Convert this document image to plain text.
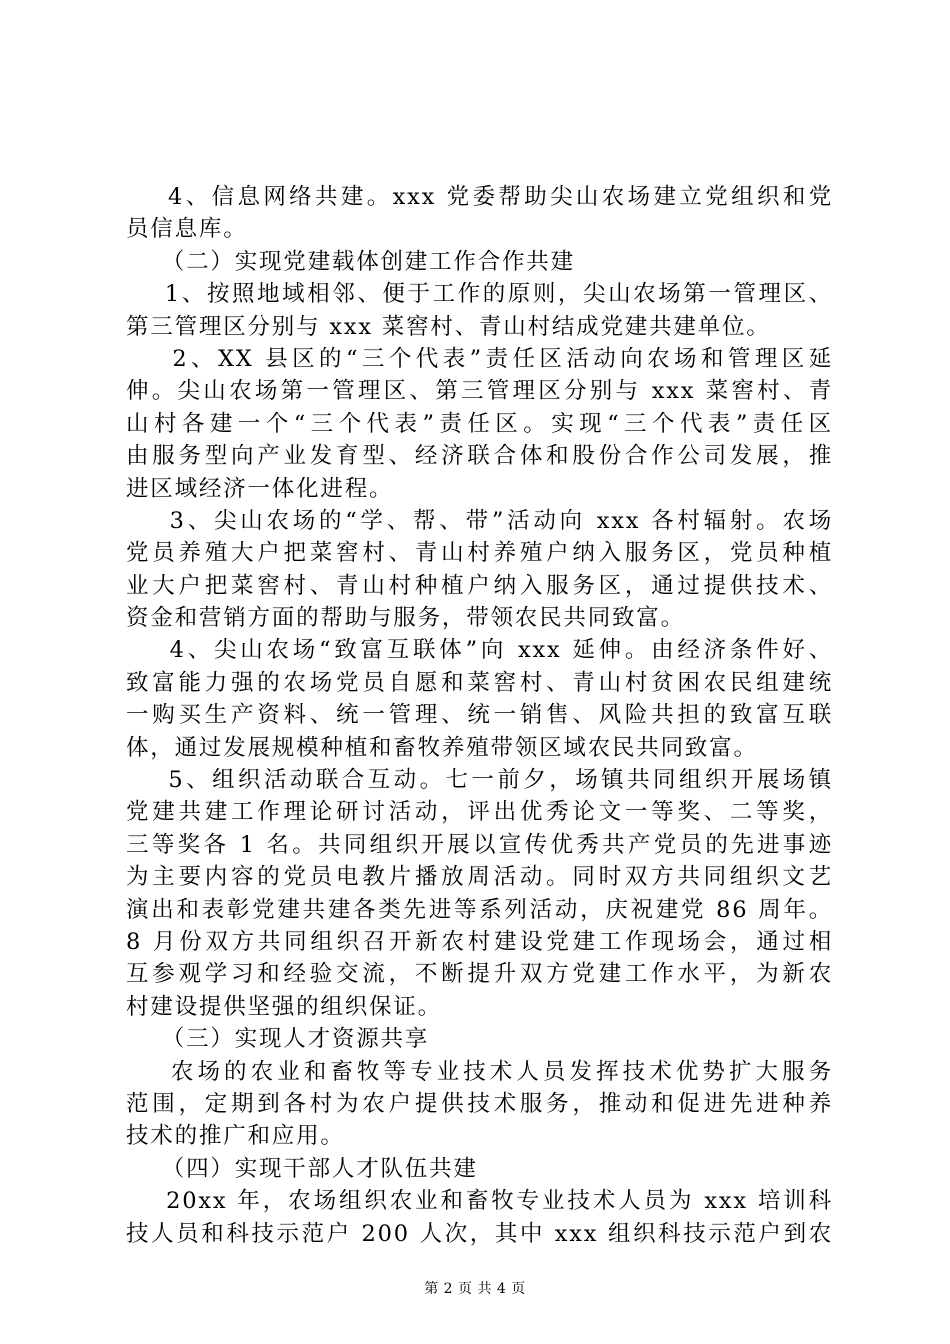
4、信息网络共建。xxx 党委帮助尖山农场建立党组织和党
员信息库。
（二）实现党建载体创建工作合作共建
1、按照地域相邻、便于工作的原则，尖山农场第一管理区、
第三管理区分别与 xxx 菜窖村、青山村结成党建共建单位。
2、XX 县区的“三个代表”责任区活动向农场和管理区延
伸。尖山农场第一管理区、第三管理区分别与 xxx 菜窖村、青
山村各建一个“三个代表”责任区。实现“三个代表”责任区
由服务型向产业发育型、经济联合体和股份合作公司发展，推
进区域经济一体化进程。
3、尖山农场的“学、帮、带”活动向 xxx 各村辐射。农场
党员养殖大户把菜窖村、青山村养殖户纳入服务区，党员种植
业大户把菜窖村、青山村种植户纳入服务区，通过提供技术、
资金和营销方面的帮助与服务，带领农民共同致富。
4、尖山农场“致富互联体”向 xxx 延伸。由经济条件好、
致富能力强的农场党员自愿和菜窖村、青山村贫困农民组建统
一购买生产资料、统一管理、统一销售、风险共担的致富互联
体，通过发展规模种植和畜牧养殖带领区域农民共同致富。
5、组织活动联合互动。七一前夕，场镇共同组织开展场镇
党建共建工作理论研讨活动，评出优秀论文一等奖、二等奖，
三等奖各 1 名。共同组织开展以宣传优秀共产党员的先进事迹
为主要内容的党员电教片播放周活动。同时双方共同组织文艺
演出和表彰党建共建各类先进等系列活动，庆祝建党 86 周年。
8 月份双方共同组织召开新农村建设党建工作现场会，通过相
互参观学习和经验交流，不断提升双方党建工作水平，为新农
村建设提供坚强的组织保证。
（三）实现人才资源共享
农场的农业和畜牧等专业技术人员发挥技术优势扩大服务
范围，定期到各村为农户提供技术服务，推动和促进先进种养
技术的推广和应用。
（四）实现干部人才队伍共建
20xx 年，农场组织农业和畜牧专业技术人员为 xxx 培训科
技人员和科技示范户 200 人次，其中 xxx 组织科技示范户到农
第 2 页 共 4 页
